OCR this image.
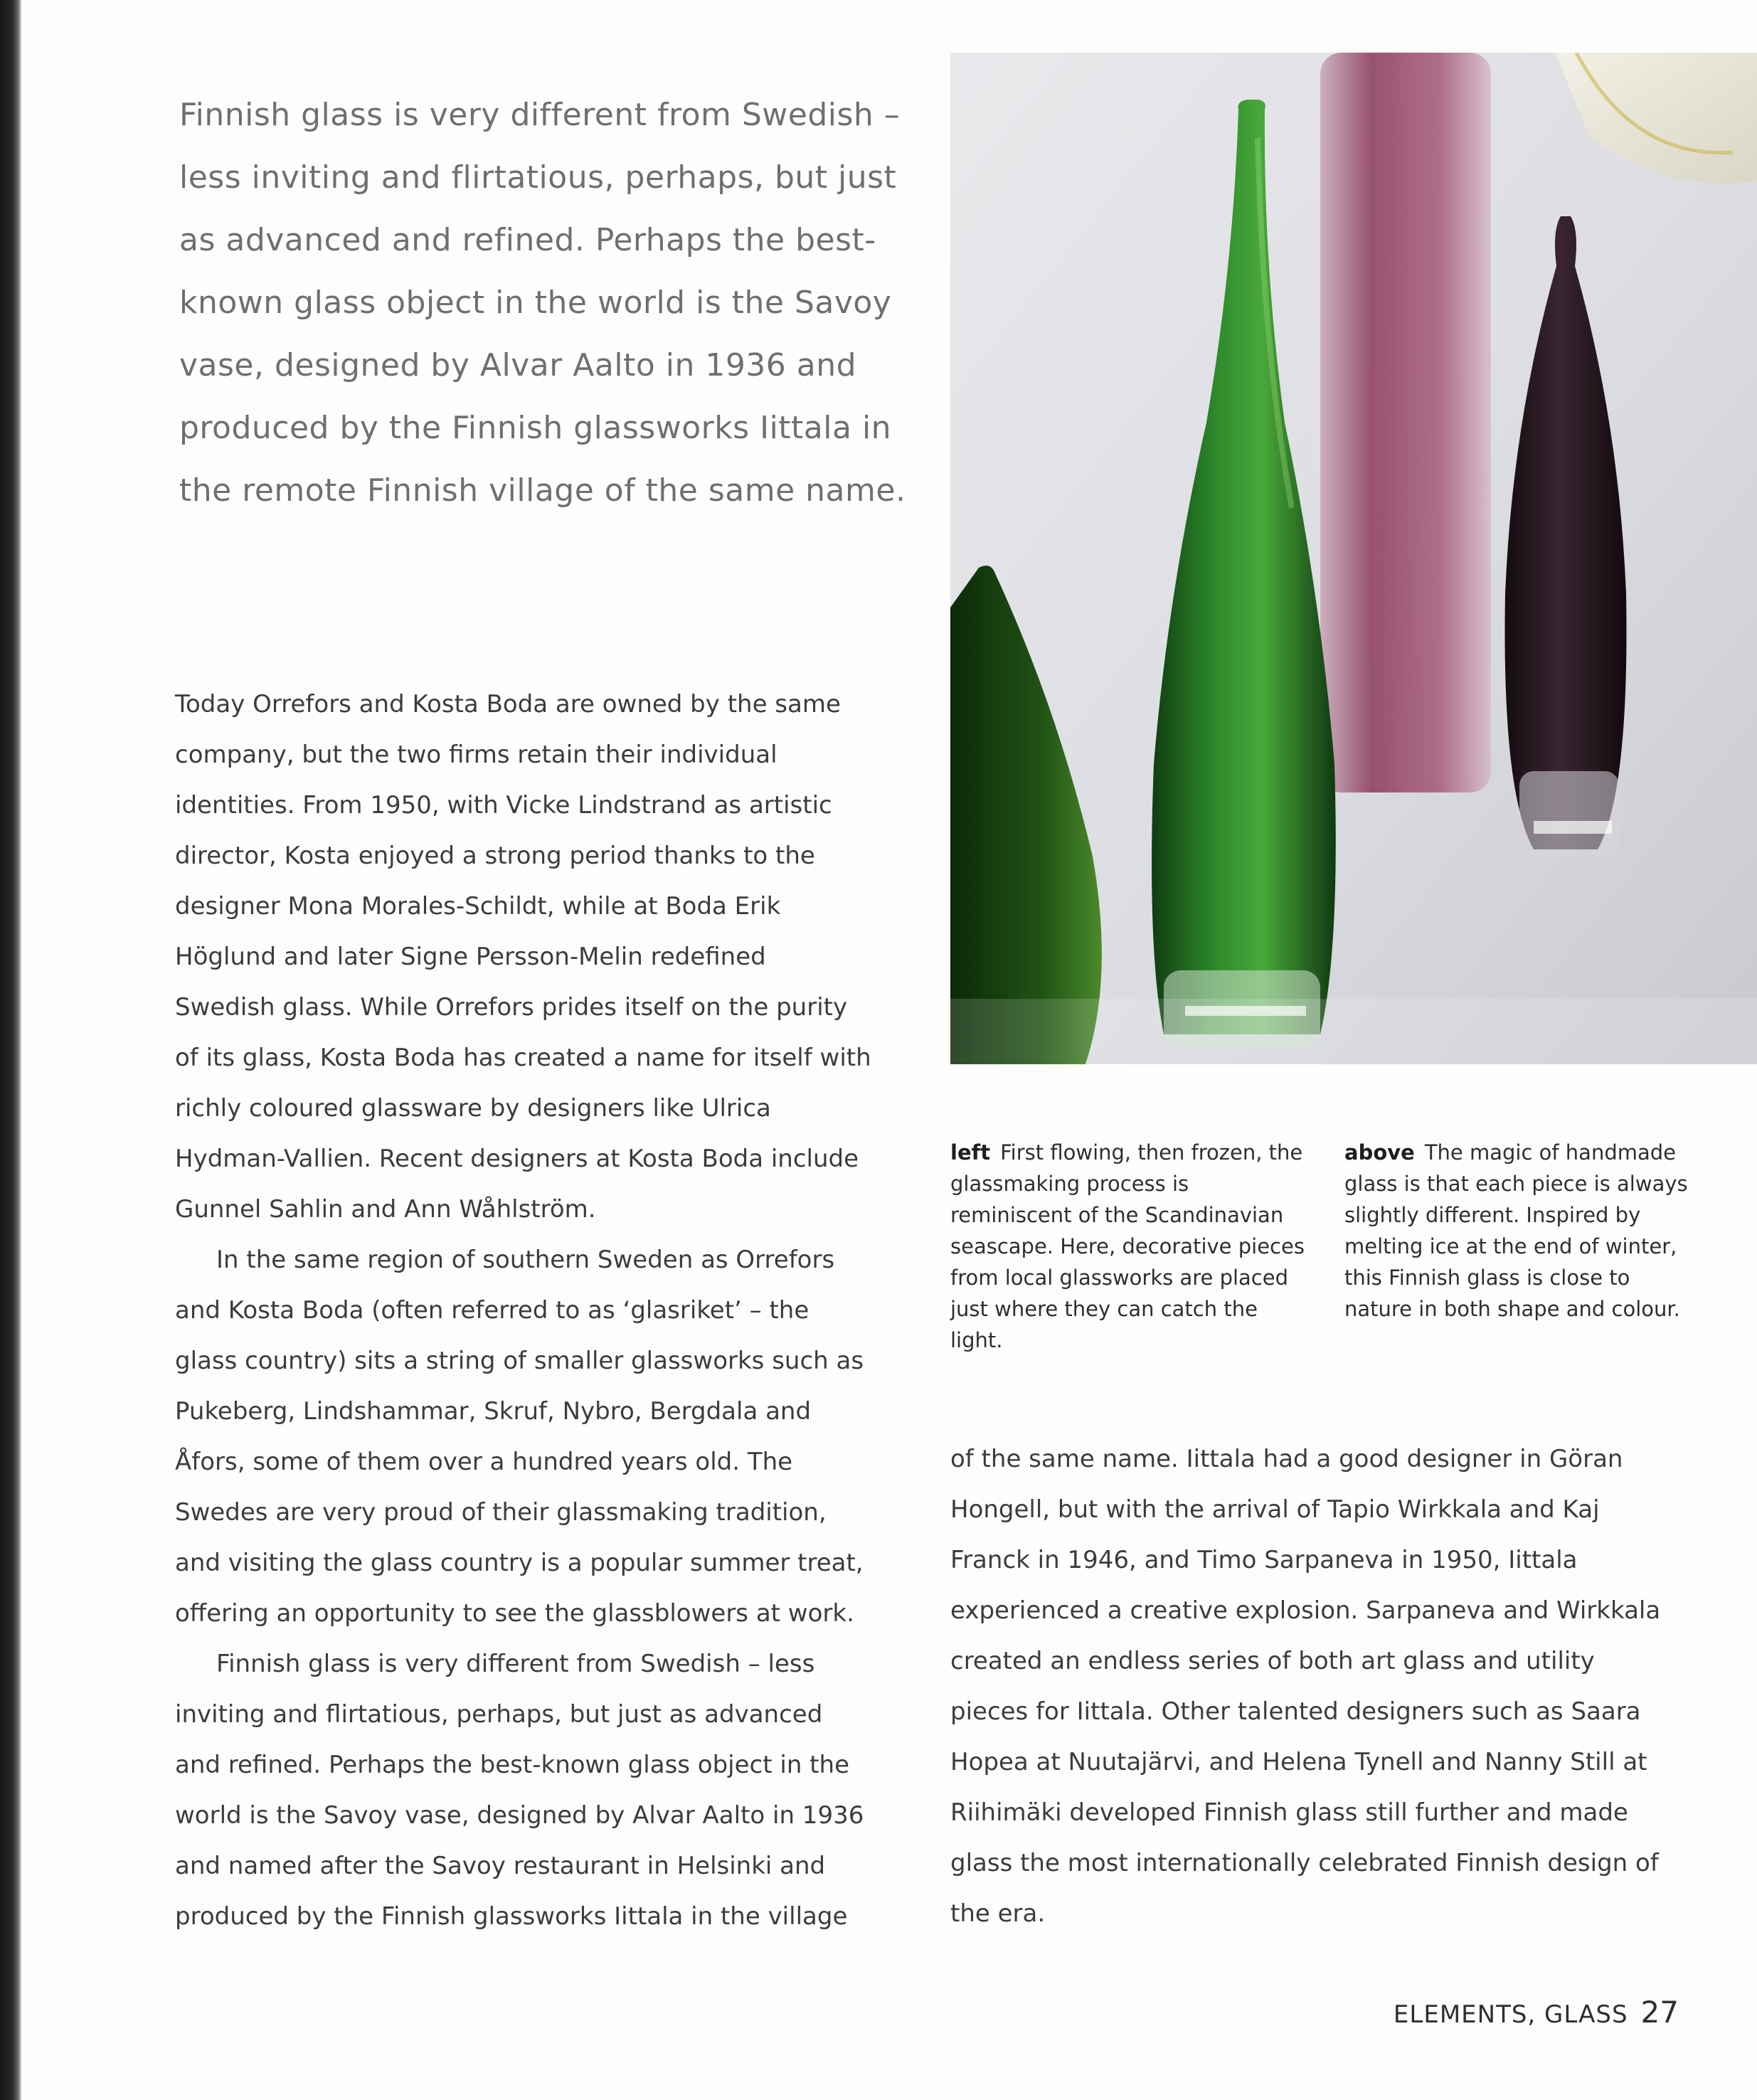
Finnish glass is very different from Swedish – less inviting and flirtatious, perhaps, but just as advanced and refined. Perhaps the best-known glass object in the world is the Savoy vase, designed by Alvar Aalto in 1936 and produced by the Finnish glassworks Iittala in the remote Finnish village of the same name.

Today Orrefors and Kosta Boda are owned by the same company, but the two firms retain their individual identities. From 1950, with Vicke Lindstrand as artistic director, Kosta enjoyed a strong period thanks to the designer Mona Morales-Schildt, while at Boda Erik Höglund and later Signe Persson-Melin redefined Swedish glass. While Orrefors prides itself on the purity of its glass, Kosta Boda has created a name for itself with richly coloured glassware by designers like Ulrica Hydman-Vallien. Recent designers at Kosta Boda include Gunnel Sahlin and Ann Wåhlström.

In the same region of southern Sweden as Orrefors and Kosta Boda (often referred to as ‘glasriket’ – the glass country) sits a string of smaller glassworks such as Pukeberg, Lindshammar, Skruf, Nybro, Bergdala and Åfors, some of them over a hundred years old. The Swedes are very proud of their glassmaking tradition, and visiting the glass country is a popular summer treat, offering an opportunity to see the glassblowers at work.

Finnish glass is very different from Swedish – less inviting and flirtatious, perhaps, but just as advanced and refined. Perhaps the best-known glass object in the world is the Savoy vase, designed by Alvar Aalto in 1936 and named after the Savoy restaurant in Helsinki and produced by the Finnish glassworks Iittala in the village

left First flowing, then frozen, the glassmaking process is reminiscent of the Scandinavian seascape. Here, decorative pieces from local glassworks are placed just where they can catch the light.

above The magic of handmade glass is that each piece is always slightly different. Inspired by melting ice at the end of winter, this Finnish glass is close to nature in both shape and colour.

of the same name. Iittala had a good designer in Göran Hongell, but with the arrival of Tapio Wirkkala and Kaj Franck in 1946, and Timo Sarpaneva in 1950, Iittala experienced a creative explosion. Sarpaneva and Wirkkala created an endless series of both art glass and utility pieces for Iittala. Other talented designers such as Saara Hopea at Nuutajärvi, and Helena Tynell and Nanny Still at Riihimäki developed Finnish glass still further and made glass the most internationally celebrated Finnish design of the era.

ELEMENTS, GLASS 27
